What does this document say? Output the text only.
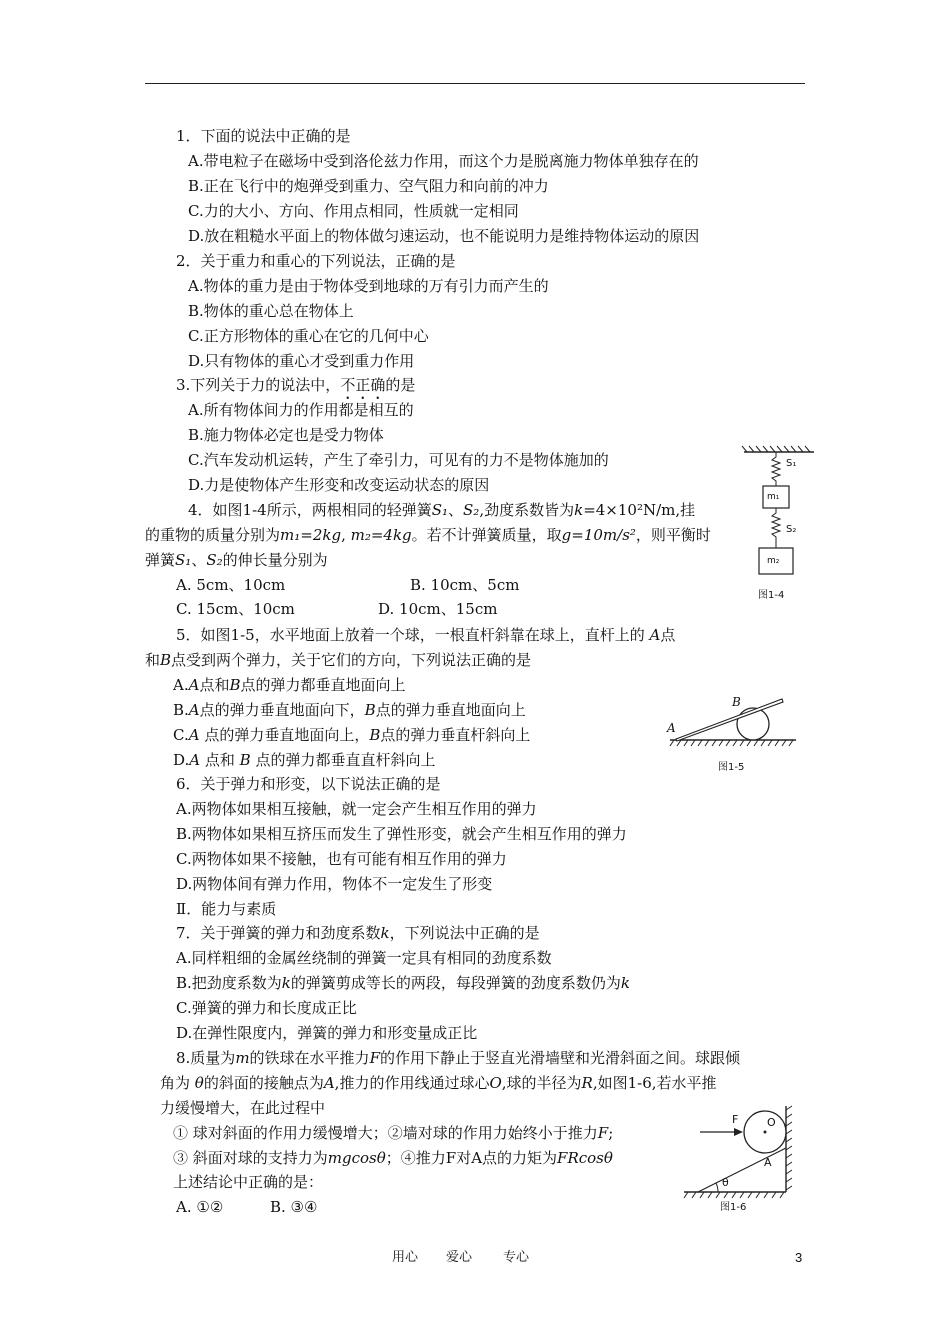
1．下面的说法中正确的是
A.带电粒子在磁场中受到洛伦兹力作用，而这个力是脱离施力物体单独存在的
B.正在飞行中的炮弹受到重力、空气阻力和向前的冲力
C.力的大小、方向、作用点相同，性质就一定相同
D.放在粗糙水平面上的物体做匀速运动，也不能说明力是维持物体运动的原因
2．关于重力和重心的下列说法，正确的是
A.物体的重力是由于物体受到地球的万有引力而产生的
B.物体的重心总在物体上
C.正方形物体的重心在它的几何中心
D.只有物体的重心才受到重力作用
3.下列关于力的说法中，不正确的是
A.所有物体间力的作用都是相互的
B.施力物体必定也是受力物体
C.汽车发动机运转，产生了牵引力，可见有的力不是物体施加的
D.力是使物体产生形变和改变运动状态的原因
4．如图1-4所示，两根相同的轻弹簧S₁、S₂,劲度系数皆为k=4×10²N/m,挂
的重物的质量分别为m₁=2kg, m₂=4kg。若不计弹簧质量，取g=10m/s²，则平衡时
弹簧S₁、S₂的伸长量分别为
A. 5cm、10cm	B. 10cm、5cm
C. 15cm、10cm	D. 10cm、15cm
S₁
m₁
S₂
m₂
图1-4
5．如图1-5，水平地面上放着一个球，一根直杆斜靠在球上，直杆上的 A点
和B点受到两个弹力，关于它们的方向，下列说法正确的是
A.A点和B点的弹力都垂直地面向上
B.A点的弹力垂直地面向下，B点的弹力垂直地面向上
C.A 点的弹力垂直地面向上，B点的弹力垂直杆斜向上
D.A 点和 B 点的弹力都垂直直杆斜向上
A
B
图1-5
6．关于弹力和形变，以下说法正确的是
A.两物体如果相互接触，就一定会产生相互作用的弹力
B.两物体如果相互挤压而发生了弹性形变，就会产生相互作用的弹力
C.两物体如果不接触，也有可能有相互作用的弹力
D.两物体间有弹力作用，物体不一定发生了形变
Ⅱ．能力与素质
7．关于弹簧的弹力和劲度系数k，下列说法中正确的是
A.同样粗细的金属丝绕制的弹簧一定具有相同的劲度系数
B.把劲度系数为k的弹簧剪成等长的两段，每段弹簧的劲度系数仍为k
C.弹簧的弹力和长度成正比
D.在弹性限度内，弹簧的弹力和形变量成正比
8.质量为m的铁球在水平推力F的作用下静止于竖直光滑墙壁和光滑斜面之间。球跟倾
角为 θ的斜面的接触点为A,推力的作用线通过球心O,球的半径为R,如图1-6,若水平推
力缓慢增大，在此过程中
① 球对斜面的作用力缓慢增大；②墙对球的作用力始终小于推力F;
③ 斜面对球的支持力为mgcosθ；④推力F对A点的力矩为FRcosθ
上述结论中正确的是：
A. ①②	B. ③④
F	O
A
θ
图1-6
用心 爱心 专心	3
